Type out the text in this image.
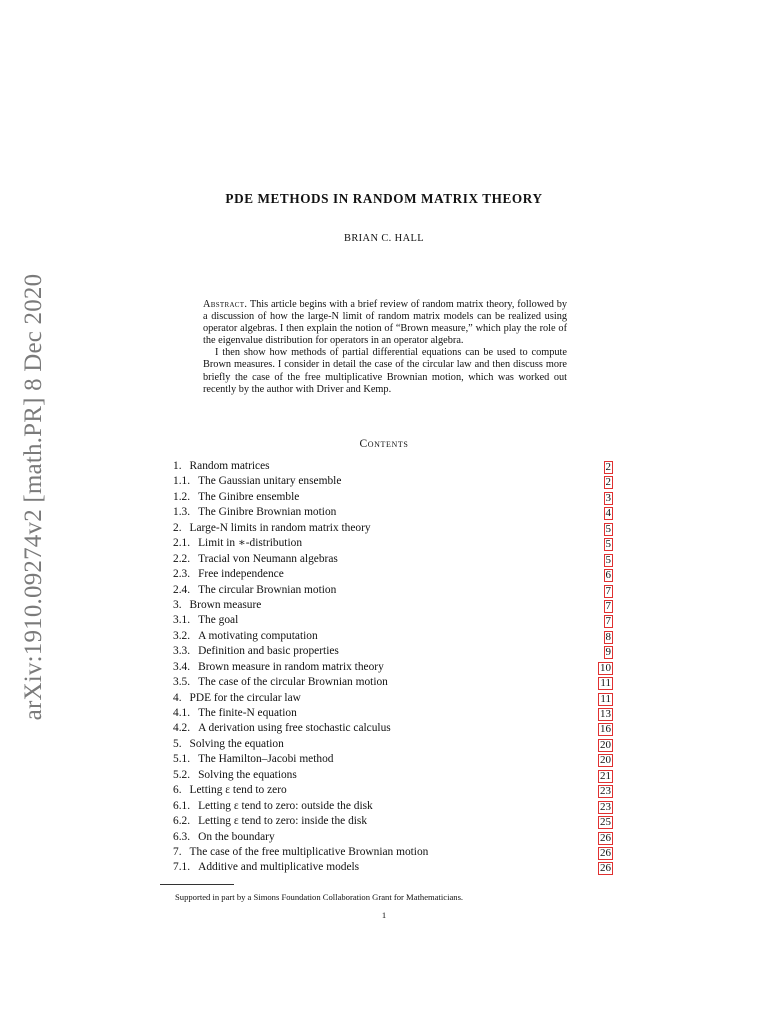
arXiv:1910.09274v2 [math.PR] 8 Dec 2020
PDE METHODS IN RANDOM MATRIX THEORY
BRIAN C. HALL

Abstract. This article begins with a brief review of random matrix theory, followed by a discussion of how the large-N limit of random matrix models can be realized using operator algebras. I then explain the notion of “Brown measure,” which play the role of the eigenvalue distribution for operators in an operator algebra.

I then show how methods of partial differential equations can be used to compute Brown measures. I consider in detail the case of the circular law and then discuss more briefly the case of the free multiplicative Brownian motion, which was worked out recently by the author with Driver and Kemp.

Contents
1. Random matrices	2
1.1. The Gaussian unitary ensemble	2
1.2. The Ginibre ensemble	3
1.3. The Ginibre Brownian motion	4
2. Large-N limits in random matrix theory	5
2.1. Limit in ∗-distribution	5
2.2. Tracial von Neumann algebras	5
2.3. Free independence	6
2.4. The circular Brownian motion	7
3. Brown measure	7
3.1. The goal	7
3.2. A motivating computation	8
3.3. Definition and basic properties	9
3.4. Brown measure in random matrix theory	10
3.5. The case of the circular Brownian motion	11
4. PDE for the circular law	11
4.1. The finite-N equation	13
4.2. A derivation using free stochastic calculus	16
5. Solving the equation	20
5.1. The Hamilton–Jacobi method	20
5.2. Solving the equations	21
6. Letting ε tend to zero	23
6.1. Letting ε tend to zero: outside the disk	23
6.2. Letting ε tend to zero: inside the disk	25
6.3. On the boundary	26
7. The case of the free multiplicative Brownian motion	26
7.1. Additive and multiplicative models	26
Supported in part by a Simons Foundation Collaboration Grant for Mathematicians.
1
